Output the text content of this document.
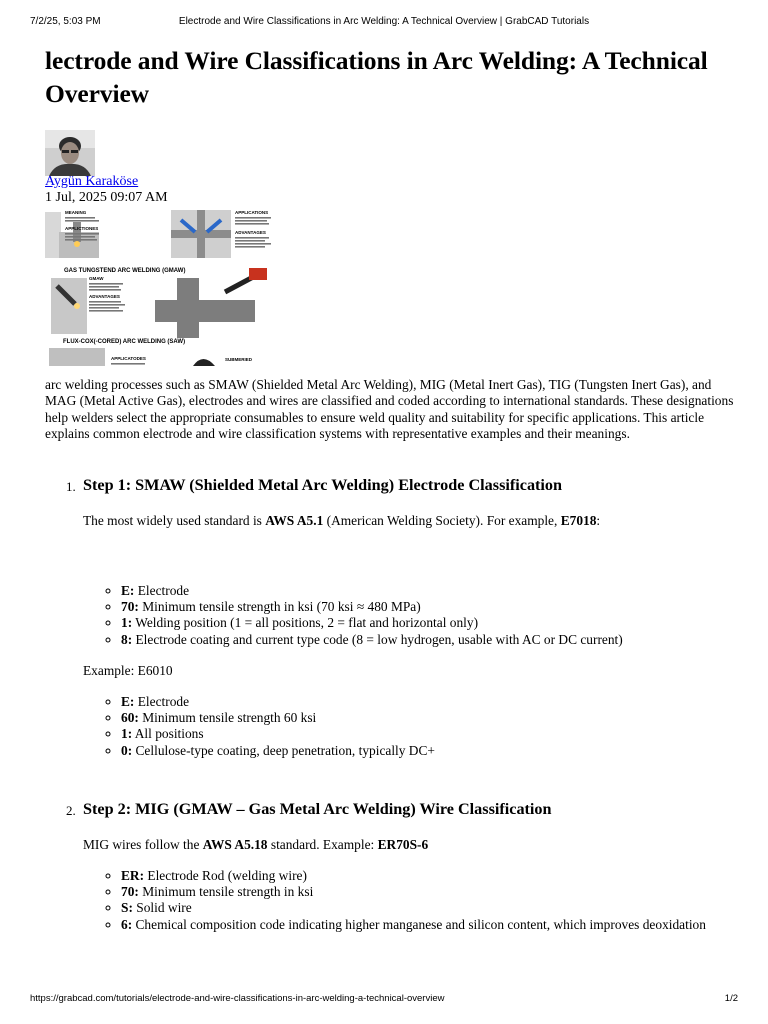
7/2/25, 5:03 PM	Electrode and Wire Classifications in Arc Welding: A Technical Overview | GrabCAD Tutorials
lectrode and Wire Classifications in Arc Welding: A Technical Overview
Aygün Karaköse
1 Jul, 2025 09:07 AM
MEANING	APPLICATIONS
APPLICTIONES
ADVANTAGES
GAS TUNGSTEND ARC WELDING (GMAW)
GMAW
ADVANTAGES
FLUX-COX(-CORED) ARC WELDING (SAW)
APPLICATODES	SUBMERIED

arc welding processes such as SMAW (Shielded Metal Arc Welding), MIG (Metal Inert Gas), TIG (Tungsten Inert Gas), and MAG (Metal Active Gas), electrodes and wires are classified and coded according to international standards. These designations help welders select the appropriate consumables to ensure weld quality and suitability for specific applications. This article explains common electrode and wire classification systems with representative examples and their meanings.

1. Step 1: SMAW (Shielded Metal Arc Welding) Electrode Classification

The most widely used standard is AWS A5.1 (American Welding Society). For example, E7018:

◦ E: Electrode
◦ 70: Minimum tensile strength in ksi (70 ksi ≈ 480 MPa)
◦ 1: Welding position (1 = all positions, 2 = flat and horizontal only)
◦ 8: Electrode coating and current type code (8 = low hydrogen, usable with AC or DC current)

Example: E6010

◦ E: Electrode
◦ 60: Minimum tensile strength 60 ksi
◦ 1: All positions
◦ 0: Cellulose-type coating, deep penetration, typically DC+
2. Step 2: MIG (GMAW – Gas Metal Arc Welding) Wire Classification

MIG wires follow the AWS A5.18 standard. Example: ER70S-6

◦ ER: Electrode Rod (welding wire)
◦ 70: Minimum tensile strength in ksi
◦ S: Solid wire
◦ 6: Chemical composition code indicating higher manganese and silicon content, which improves deoxidation
https://grabcad.com/tutorials/electrode-and-wire-classifications-in-arc-welding-a-technical-overview	1/2
